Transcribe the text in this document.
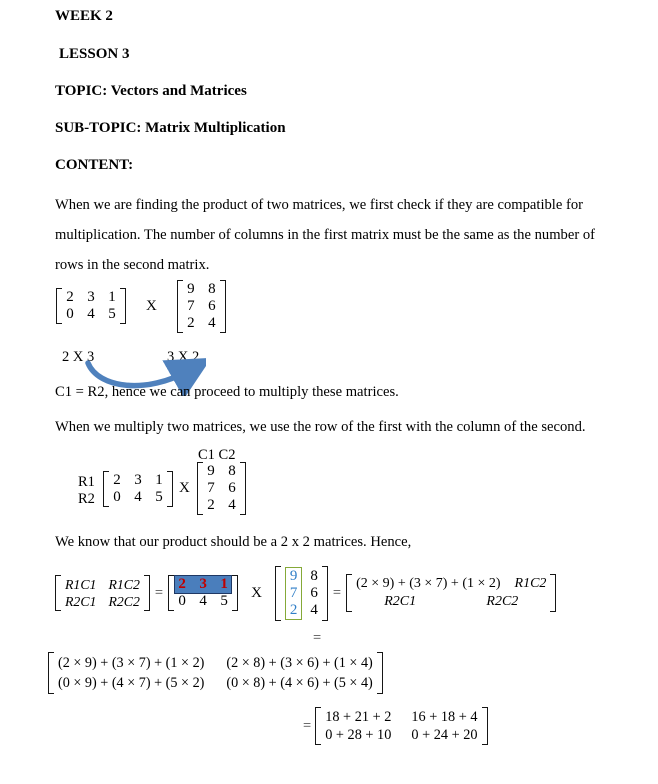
WEEK 2
LESSON 3
TOPIC: Vectors and Matrices
SUB-TOPIC: Matrix Multiplication
CONTENT:
When we are finding the product of two matrices, we first check if they are compatible for
multiplication. The number of columns in the first matrix must be the same as the number of
rows in the second matrix.
2 3 1
0 4 5
X
9 8
7 6
2 4
2 X 3	3 X 2
C1 = R2, hence we can proceed to multiply these matrices.
When we multiply two matrices, we use the row of the first with the column of the second.
C1 C2
R1
R2
2 3 1
0 4 5
X
9 8
7 6
2 4
We know that our product should be a 2 x 2 matrices. Hence,
R1C1 R1C2
R2C1 R2C2
=
2 3 1
0 4 5
X
9
7
2
8
6
4
=
(2 × 9) + (3 × 7) + (1 × 2) R1C2
R2C1	R2C2
=
(2 × 9) + (3 × 7) + (1 × 2) (2 × 8) + (3 × 6) + (1 × 4)
(0 × 9) + (4 × 7) + (5 × 2) (0 × 8) + (4 × 6) + (5 × 4)
=
18 + 21 + 2 16 + 18 + 4
0 + 28 + 10 0 + 24 + 20
